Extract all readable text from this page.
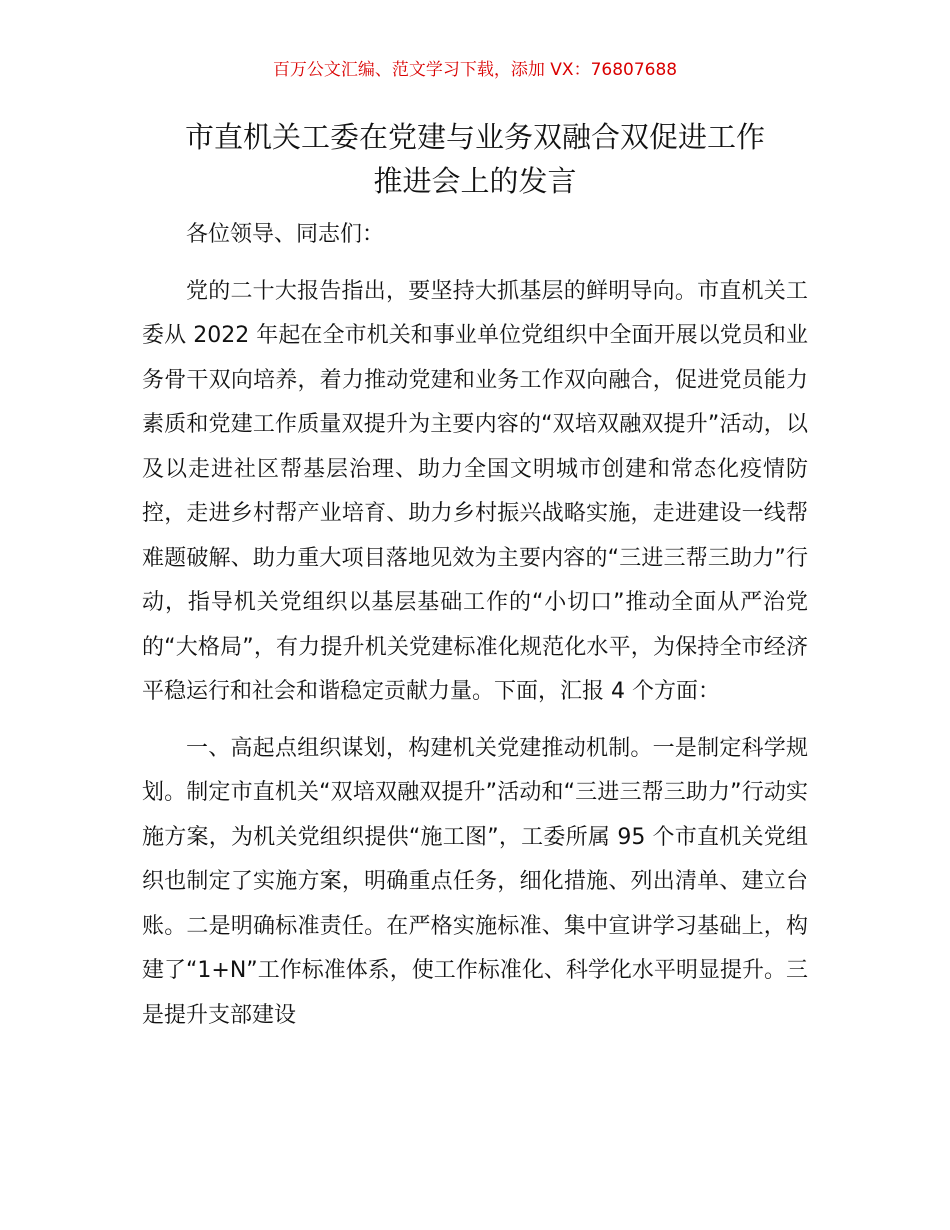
百万公文汇编、范文学习下载，添加 VX：76807688
市直机关工委在党建与业务双融合双促进工作
推进会上的发言

各位领导、同志们：

党的二十大报告指出，要坚持大抓基层的鲜明导向。市直机关工委从 2022 年起在全市机关和事业单位党组织中全面开展以党员和业务骨干双向培养，着力推动党建和业务工作双向融合，促进党员能力素质和党建工作质量双提升为主要内容的“双培双融双提升”活动，以及以走进社区帮基层治理、助力全国文明城市创建和常态化疫情防控，走进乡村帮产业培育、助力乡村振兴战略实施，走进建设一线帮难题破解、助力重大项目落地见效为主要内容的“三进三帮三助力”行动，指导机关党组织以基层基础工作的“小切口”推动全面从严治党的“大格局”，有力提升机关党建标准化规范化水平，为保持全市经济平稳运行和社会和谐稳定贡献力量。下面，汇报 4 个方面：

一、高起点组织谋划，构建机关党建推动机制。一是制定科学规划。制定市直机关“双培双融双提升”活动和“三进三帮三助力”行动实施方案，为机关党组织提供“施工图”，工委所属 95 个市直机关党组织也制定了实施方案，明确重点任务，细化措施、列出清单、建立台账。二是明确标准责任。在严格实施标准、集中宣讲学习基础上，构建了“1+N”工作标准体系，使工作标准化、科学化水平明显提升。三是提升支部建设
